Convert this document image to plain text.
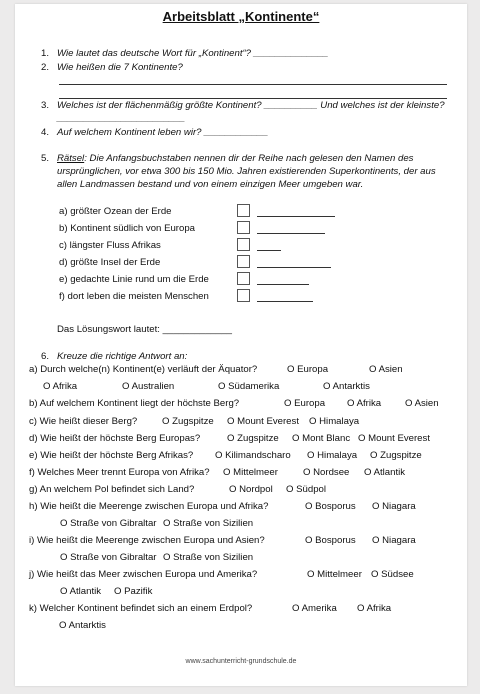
Arbeitsblatt „Kontinente“
1. Wie lautet das deutsche Wort für „Kontinent“? ______________
2. Wie heißen die 7 Kontinente?
3. Welches ist der flächenmäßig größte Kontinent? __________ Und welches ist der kleinste?
________________________
4. Auf welchem Kontinent leben wir? ____________
5. Rätsel: Die Anfangsbuchstaben nennen dir der Reihe nach gelesen den Namen des
ursprünglichen, vor etwa 300 bis 150 Mio. Jahren existierenden Superkontinents, der aus
allen Landmassen bestand und von einem einzigen Meer umgeben war.
a) größter Ozean der Erde
b) Kontinent südlich von Europa
c) längster Fluss Afrikas
d) größte Insel der Erde
e) gedachte Linie rund um die Erde
f) dort leben die meisten Menschen
Das Lösungswort lautet: _____________
6. Kreuze die richtige Antwort an:
a) Durch welche(n) Kontinent(e) verläuft der Äquator?	O Europa	O Asien
O Afrika	O Australien	O Südamerika	O Antarktis
b) Auf welchem Kontinent liegt der höchste Berg?	O Europa O Afrika O Asien
c) Wie heißt dieser Berg?	O Zugspitze O Mount Everest O Himalaya
d) Wie heißt der höchste Berg Europas?	O Zugspitze O Mont Blanc O Mount Everest
e) Wie heißt der höchste Berg Afrikas? O Kilimandscharo O Himalaya O Zugspitze
f) Welches Meer trennt Europa von Afrika? O Mittelmeer	O Nordsee O Atlantik
g) An welchem Pol befindet sich Land?	O Nordpol O Südpol
h) Wie heißt die Meerenge zwischen Europa und Afrika?	O Bosporus O Niagara
O Straße von Gibraltar O Straße von Sizilien
i) Wie heißt die Meerenge zwischen Europa und Asien?	O Bosporus O Niagara
O Straße von Gibraltar O Straße von Sizilien
j) Wie heißt das Meer zwischen Europa und Amerika?	O Mittelmeer O Südsee
O Atlantik O Pazifik
k) Welcher Kontinent befindet sich an einem Erdpol?	O Amerika O Afrika
O Antarktis
www.sachunterricht-grundschule.de
